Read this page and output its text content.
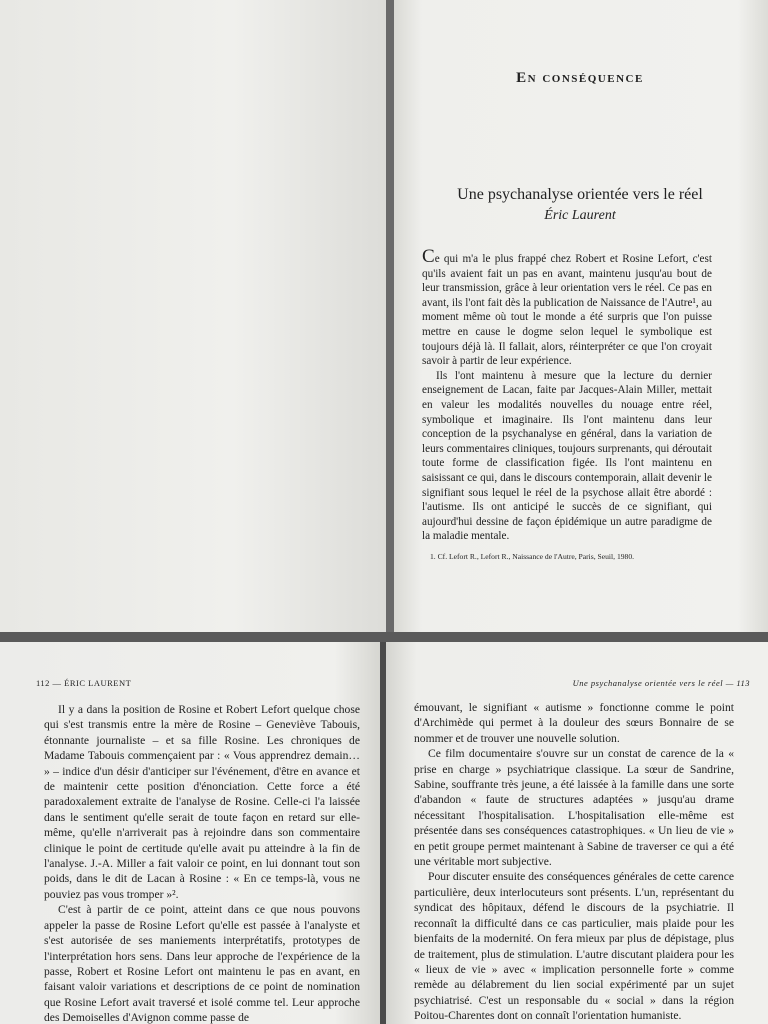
En conséquence
Une psychanalyse orientée vers le réel
Éric Laurent

Ce qui m'a le plus frappé chez Robert et Rosine Lefort, c'est qu'ils avaient fait un pas en avant, maintenu jusqu'au bout de leur transmission, grâce à leur orientation vers le réel. Ce pas en avant, ils l'ont fait dès la publication de Naissance de l'Autre¹, au moment même où tout le monde a été surpris que l'on puisse mettre en cause le dogme selon lequel le symbolique est toujours déjà là. Il fallait, alors, réinterpréter ce que l'on croyait savoir à partir de leur expérience.

Ils l'ont maintenu à mesure que la lecture du dernier enseignement de Lacan, faite par Jacques-Alain Miller, mettait en valeur les modalités nouvelles du nouage entre réel, symbolique et imaginaire. Ils l'ont maintenu dans leur conception de la psychanalyse en général, dans la variation de leurs commentaires cliniques, toujours surprenants, qui déroutait toute forme de classification figée. Ils l'ont maintenu en saisissant ce qui, dans le discours contemporain, allait devenir le signifiant sous lequel le réel de la psychose allait être abordé : l'autisme. Ils ont anticipé le succès de ce signifiant, qui aujourd'hui dessine de façon épidémique un autre paradigme de la maladie mentale.

1. Cf. Lefort R., Lefort R., Naissance de l'Autre, Paris, Seuil, 1980.
112 — ÉRIC LAURENT

Il y a dans la position de Rosine et Robert Lefort quelque chose qui s'est transmis entre la mère de Rosine – Geneviève Tabouis, étonnante journaliste – et sa fille Rosine. Les chroniques de Madame Tabouis commençaient par : « Vous apprendrez demain… » – indice d'un désir d'anticiper sur l'événement, d'être en avance et de maintenir cette position d'énonciation. Cette force a été paradoxalement extraite de l'analyse de Rosine. Celle-ci l'a laissée dans le sentiment qu'elle serait de toute façon en retard sur elle-même, qu'elle n'arriverait pas à rejoindre dans son commentaire clinique le point de certitude qu'elle avait pu atteindre à la fin de l'analyse. J.-A. Miller a fait valoir ce point, en lui donnant tout son poids, dans le dit de Lacan à Rosine : « En ce temps-là, vous ne pouviez pas vous tromper »².

C'est à partir de ce point, atteint dans ce que nous pouvons appeler la passe de Rosine Lefort qu'elle est passée à l'analyste et s'est autorisée de ses maniements interprétatifs, prototypes de l'interprétation hors sens. Dans leur approche de l'expérience de la passe, Robert et Rosine Lefort ont maintenu le pas en avant, en faisant valoir variations et descriptions de ce point de nomination que Rosine Lefort avait traversé et isolé comme tel. Leur approche des Demoiselles d'Avignon comme passe de

Une psychanalyse orientée vers le réel — 113

émouvant, le signifiant « autisme » fonctionne comme le point d'Archimède qui permet à la douleur des sœurs Bonnaire de se nommer et de trouver une nouvelle solution.

Ce film documentaire s'ouvre sur un constat de carence de la « prise en charge » psychiatrique classique. La sœur de Sandrine, Sabine, souffrante très jeune, a été laissée à la famille dans une sorte d'abandon « faute de structures adaptées » jusqu'au drame nécessitant l'hospitalisation. L'hospitalisation elle-même est présentée dans ses conséquences catastrophiques. « Un lieu de vie » en petit groupe permet maintenant à Sabine de traverser ce qui a été une véritable mort subjective.

Pour discuter ensuite des conséquences générales de cette carence particulière, deux interlocuteurs sont présents. L'un, représentant du syndicat des hôpitaux, défend le discours de la psychiatrie. Il reconnaît la difficulté dans ce cas particulier, mais plaide pour les bienfaits de la modernité. On fera mieux par plus de dépistage, plus de traitement, plus de stimulation. L'autre discutant plaidera pour les « lieux de vie » avec « implication personnelle forte » comme remède au délabrement du lien social expérimenté par un sujet psychiatrisé. C'est un responsable du « social » dans la région Poitou-Charentes dont on connaît l'orientation humaniste.
